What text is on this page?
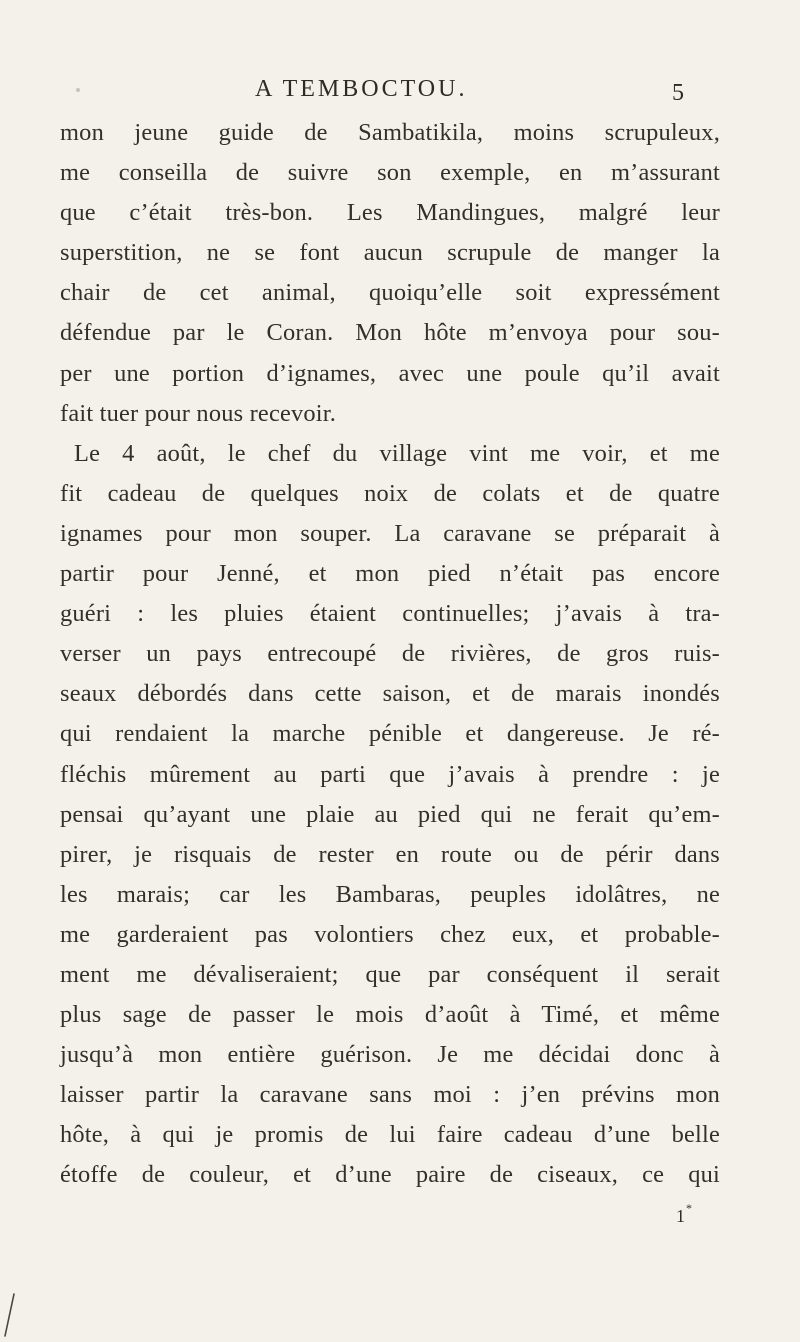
A TEMBOCTOU.	5
mon jeune guide de Sambatikila, moins scrupuleux,
me conseilla de suivre son exemple, en m’assurant
que c’était très-bon. Les Mandingues, malgré leur
superstition, ne se font aucun scrupule de manger la
chair de cet animal, quoiqu’elle soit expressément
défendue par le Coran. Mon hôte m’envoya pour sou-
per une portion d’ignames, avec une poule qu’il avait
fait tuer pour nous recevoir.
Le 4 août, le chef du village vint me voir, et me
fit cadeau de quelques noix de colats et de quatre
ignames pour mon souper. La caravane se préparait à
partir pour Jenné, et mon pied n’était pas encore
guéri : les pluies étaient continuelles; j’avais à tra-
verser un pays entrecoupé de rivières, de gros ruis-
seaux débordés dans cette saison, et de marais inondés
qui rendaient la marche pénible et dangereuse. Je ré-
fléchis mûrement au parti que j’avais à prendre : je
pensai qu’ayant une plaie au pied qui ne ferait qu’em-
pirer, je risquais de rester en route ou de périr dans
les marais; car les Bambaras, peuples idolâtres, ne
me garderaient pas volontiers chez eux, et probable-
ment me dévaliseraient; que par conséquent il serait
plus sage de passer le mois d’août à Timé, et même
jusqu’à mon entière guérison. Je me décidai donc à
laisser partir la caravane sans moi : j’en prévins mon
hôte, à qui je promis de lui faire cadeau d’une belle
étoffe de couleur, et d’une paire de ciseaux, ce qui
1*
